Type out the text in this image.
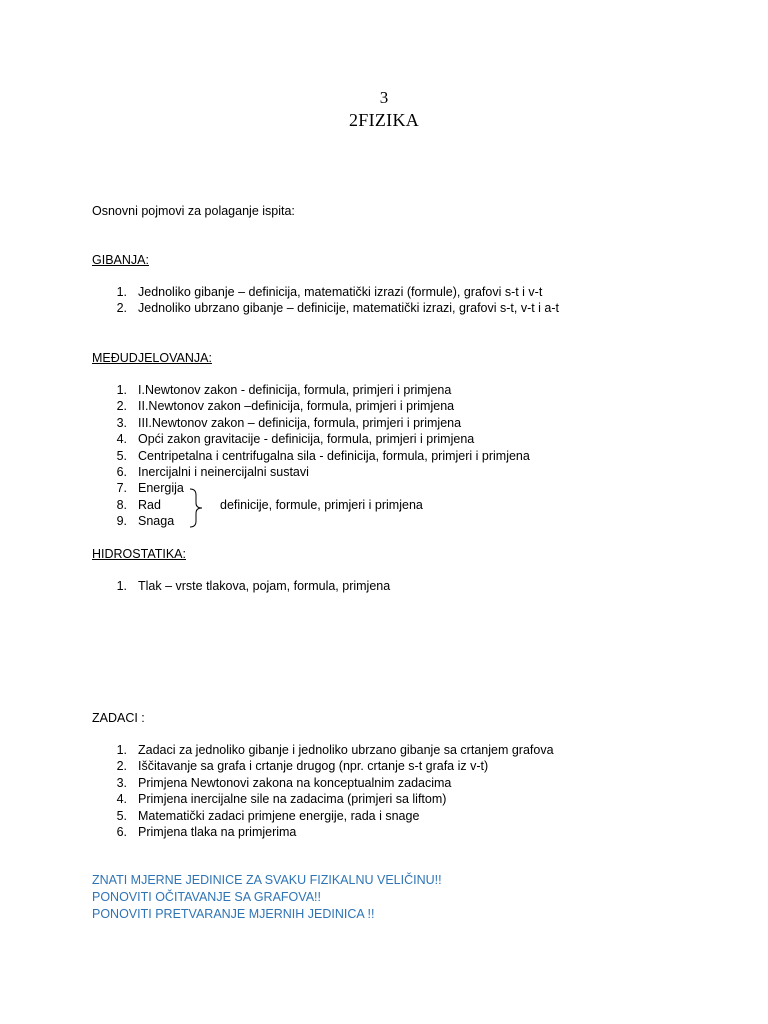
3
2FIZIKA
Osnovni pojmovi za polaganje ispita:
GIBANJA:
1. Jednoliko gibanje – definicija, matematički izrazi (formule), grafovi s-t i v-t
2. Jednoliko ubrzano gibanje – definicije, matematički izrazi, grafovi s-t, v-t i a-t
MEĐUDJELOVANJA:
1. I.Newtonov zakon - definicija, formula, primjeri i primjena
2. II.Newtonov zakon –definicija, formula, primjeri i primjena
3. III.Newtonov zakon – definicija, formula, primjeri i primjena
4. Opći zakon gravitacije - definicija, formula, primjeri i primjena
5. Centripetalna i centrifugalna sila - definicija, formula, primjeri i primjena
6. Inercijalni i neinercijalni sustavi
7. Energija
8. Rad
9. Snaga
definicije, formule, primjeri i primjena
HIDROSTATIKA:
1. Tlak – vrste tlakova, pojam, formula, primjena
ZADACI :
1. Zadaci za jednoliko gibanje i jednoliko ubrzano gibanje sa crtanjem grafova
2. Iščitavanje sa grafa i crtanje drugog (npr. crtanje s-t grafa iz v-t)
3. Primjena Newtonovi zakona na konceptualnim zadacima
4. Primjena inercijalne sile na zadacima (primjeri sa liftom)
5. Matematički zadaci primjene energije, rada i snage
6. Primjena tlaka na primjerima
ZNATI MJERNE JEDINICE ZA SVAKU FIZIKALNU VELIČINU!!
PONOVITI OČITAVANJE SA GRAFOVA!!
PONOVITI PRETVARANJE MJERNIH JEDINICA !!
